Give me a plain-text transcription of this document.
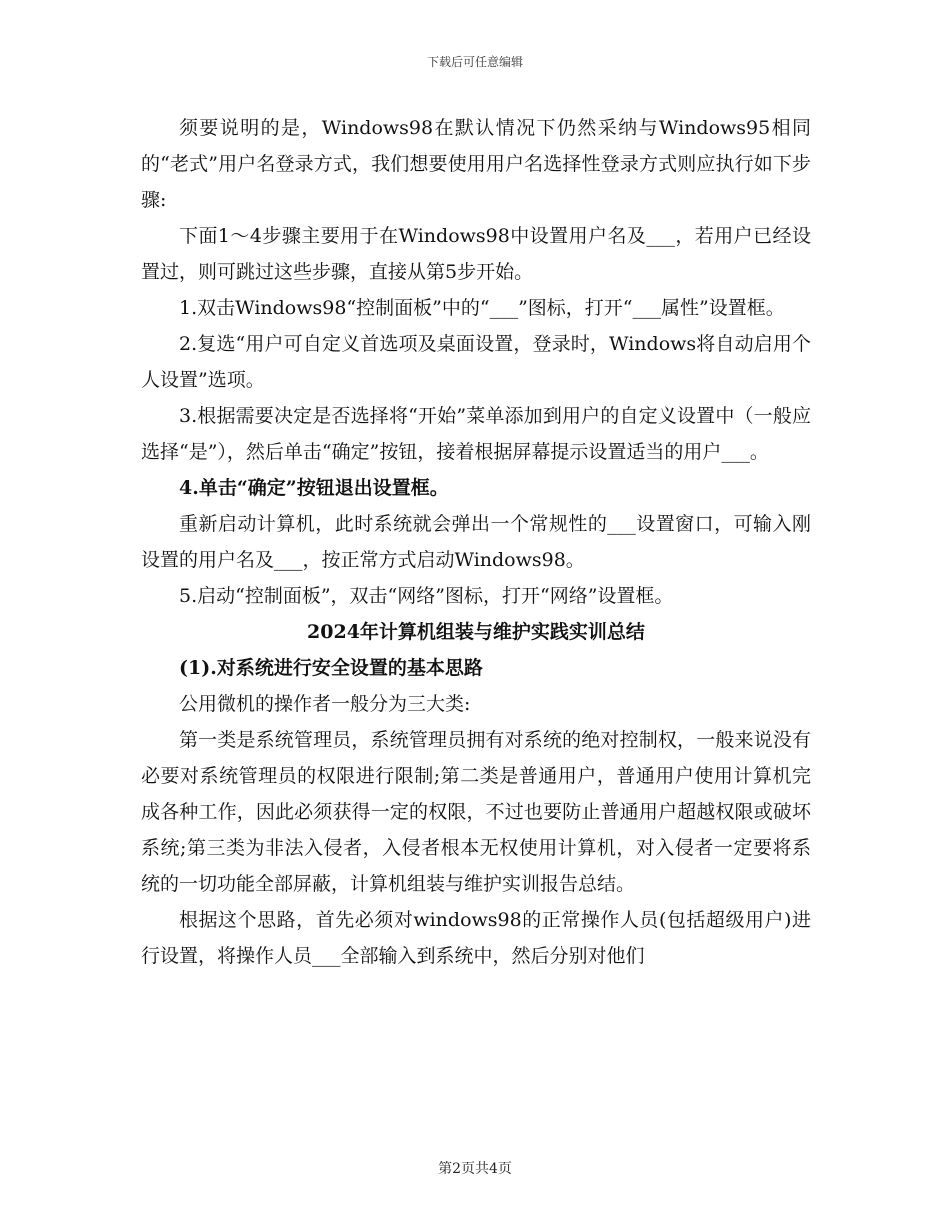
下载后可任意编辑

须要说明的是，Windows98在默认情况下仍然采纳与Windows95相同的“老式”用户名登录方式，我们想要使用用户名选择性登录方式则应执行如下步骤:

下面1～4步骤主要用于在Windows98中设置用户名及___，若用户已经设置过，则可跳过这些步骤，直接从第5步开始。

1.双击Windows98“控制面板”中的“___”图标，打开“___属性”设置框。

2.复选“用户可自定义首选项及桌面设置，登录时，Windows将自动启用个人设置”选项。

3.根据需要决定是否选择将“开始”菜单添加到用户的自定义设置中（一般应选择“是”），然后单击“确定”按钮，接着根据屏幕提示设置适当的用户___。

4.单击“确定”按钮退出设置框。

重新启动计算机，此时系统就会弹出一个常规性的___设置窗口，可输入刚设置的用户名及___，按正常方式启动Windows98。

5.启动“控制面板”，双击“网络”图标，打开“网络”设置框。

2024年计算机组装与维护实践实训总结

(1).对系统进行安全设置的基本思路

公用微机的操作者一般分为三大类:

第一类是系统管理员，系统管理员拥有对系统的绝对控制权，一般来说没有必要对系统管理员的权限进行限制;第二类是普通用户，普通用户使用计算机完成各种工作，因此必须获得一定的权限，不过也要防止普通用户超越权限或破坏系统;第三类为非法入侵者，入侵者根本无权使用计算机，对入侵者一定要将系统的一切功能全部屏蔽，计算机组装与维护实训报告总结。

根据这个思路，首先必须对windows98的正常操作人员(包括超级用户)进行设置，将操作人员___全部输入到系统中，然后分别对他们

第2页共4页
